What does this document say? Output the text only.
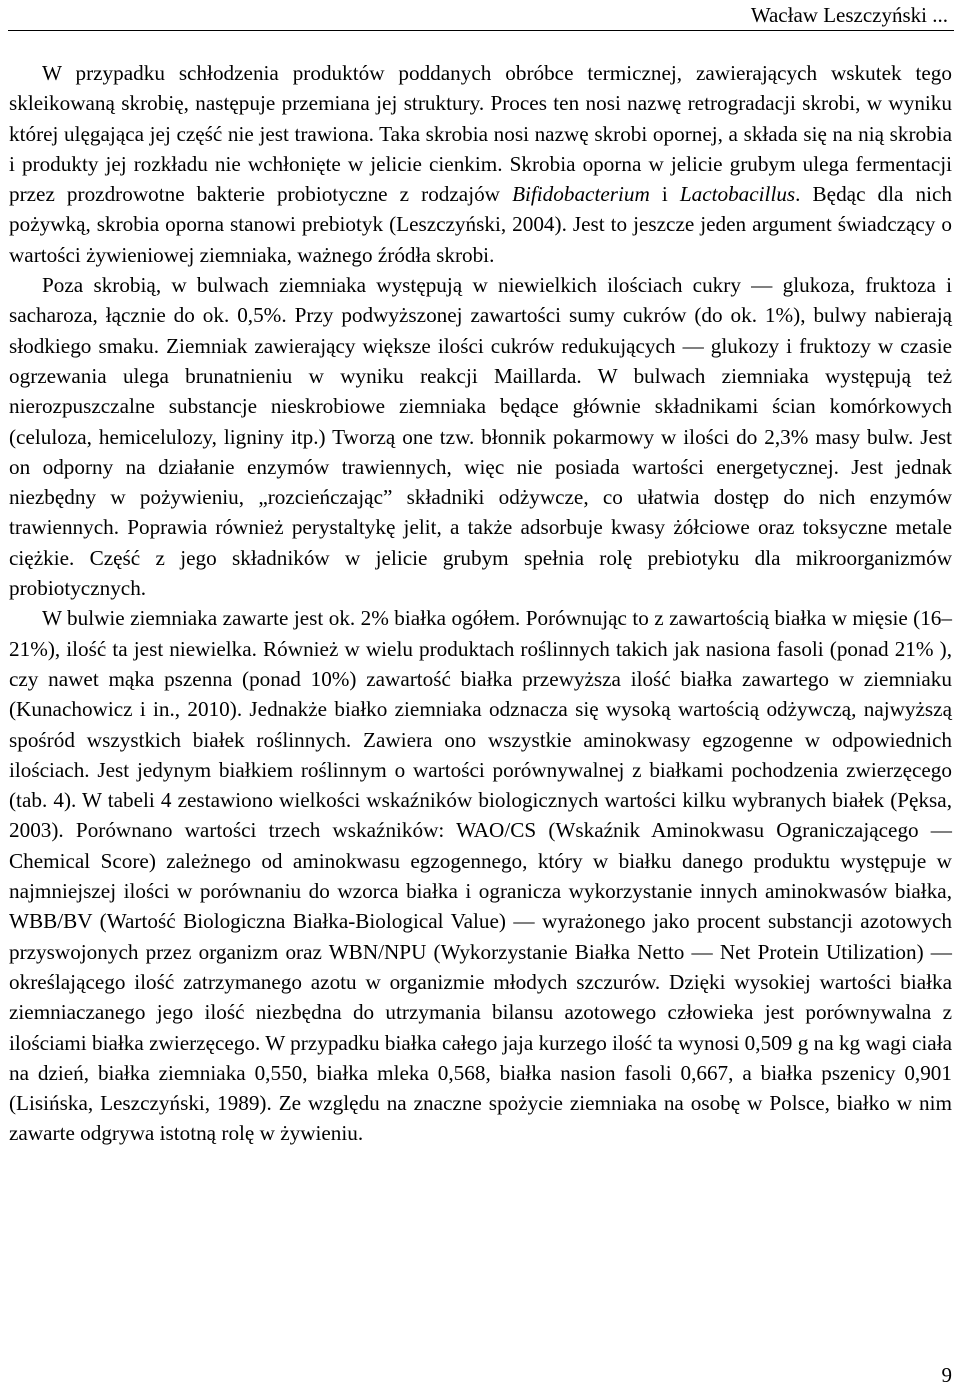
Wacław Leszczyński ...

W przypadku schłodzenia produktów poddanych obróbce termicznej, zawierających wskutek tego skleikowaną skrobię, następuje przemiana jej struktury. Proces ten nosi nazwę retrogradacji skrobi, w wyniku której ulęgająca jej część nie jest trawiona. Taka skrobia nosi nazwę skrobi opornej, a składa się na nią skrobia i produkty jej rozkładu nie wchłonięte w jelicie cienkim. Skrobia oporna w jelicie grubym ulega fermentacji przez prozdrowotne bakterie probiotyczne z rodzajów Bifidobacterium i Lactobacillus. Będąc dla nich pożywką, skrobia oporna stanowi prebiotyk (Leszczyński, 2004). Jest to jeszcze jeden argument świadczący o wartości żywieniowej ziemniaka, ważnego źródła skrobi.

Poza skrobią, w bulwach ziemniaka występują w niewielkich ilościach cukry — glukoza, fruktoza i sacharoza, łącznie do ok. 0,5%. Przy podwyższonej zawartości sumy cukrów (do ok. 1%), bulwy nabierają słodkiego smaku. Ziemniak zawierający większe ilości cukrów redukujących — glukozy i fruktozy w czasie ogrzewania ulega brunatnieniu w wyniku reakcji Maillarda. W bulwach ziemniaka występują też nierozpuszczalne substancje nieskrobiowe ziemniaka będące głównie składnikami ścian komórkowych (celuloza, hemicelulozy, ligniny itp.) Tworzą one tzw. błonnik pokarmowy w ilości do 2,3% masy bulw. Jest on odporny na działanie enzymów trawiennych, więc nie posiada wartości energetycznej. Jest jednak niezbędny w pożywieniu, „rozcieńczając” składniki odżywcze, co ułatwia dostęp do nich enzymów trawiennych. Poprawia również perystaltykę jelit, a także adsorbuje kwasy żółciowe oraz toksyczne metale ciężkie. Część z jego składników w jelicie grubym spełnia rolę prebiotyku dla mikroorganizmów probiotycznych.

W bulwie ziemniaka zawarte jest ok. 2% białka ogółem. Porównując to z zawartością białka w mięsie (16–21%), ilość ta jest niewielka. Również w wielu produktach roślinnych takich jak nasiona fasoli (ponad 21% ), czy nawet mąka pszenna (ponad 10%) zawartość białka przewyższa ilość białka zawartego w ziemniaku (Kunachowicz i in., 2010). Jednakże białko ziemniaka odznacza się wysoką wartością odżywczą, najwyższą spośród wszystkich białek roślinnych. Zawiera ono wszystkie aminokwasy egzogenne w odpowiednich ilościach. Jest jedynym białkiem roślinnym o wartości porównywalnej z białkami pochodzenia zwierzęcego (tab. 4). W tabeli 4 zestawiono wielkości wskaźników biologicznych wartości kilku wybranych białek (Pęksa, 2003). Porównano wartości trzech wskaźników: WAO/CS (Wskaźnik Aminokwasu Ograniczającego — Chemical Score) zależnego od aminokwasu egzogennego, który w białku danego produktu występuje w najmniejszej ilości w porównaniu do wzorca białka i ogranicza wykorzystanie innych aminokwasów białka, WBB/BV (Wartość Biologiczna Białka-Biological Value) — wyrażonego jako procent substancji azotowych przyswojonych przez organizm oraz WBN/NPU (Wykorzystanie Białka Netto — Net Protein Utilization) — określającego ilość zatrzymanego azotu w organizmie młodych szczurów. Dzięki wysokiej wartości białka ziemniaczanego jego ilość niezbędna do utrzymania bilansu azotowego człowieka jest porównywalna z ilościami białka zwierzęcego. W przypadku białka całego jaja kurzego ilość ta wynosi 0,509 g na kg wagi ciała na dzień, białka ziemniaka 0,550, białka mleka 0,568, białka nasion fasoli 0,667, a białka pszenicy 0,901 (Lisińska, Leszczyński, 1989). Ze względu na znaczne spożycie ziemniaka na osobę w Polsce, białko w nim zawarte odgrywa istotną rolę w żywieniu.

9
